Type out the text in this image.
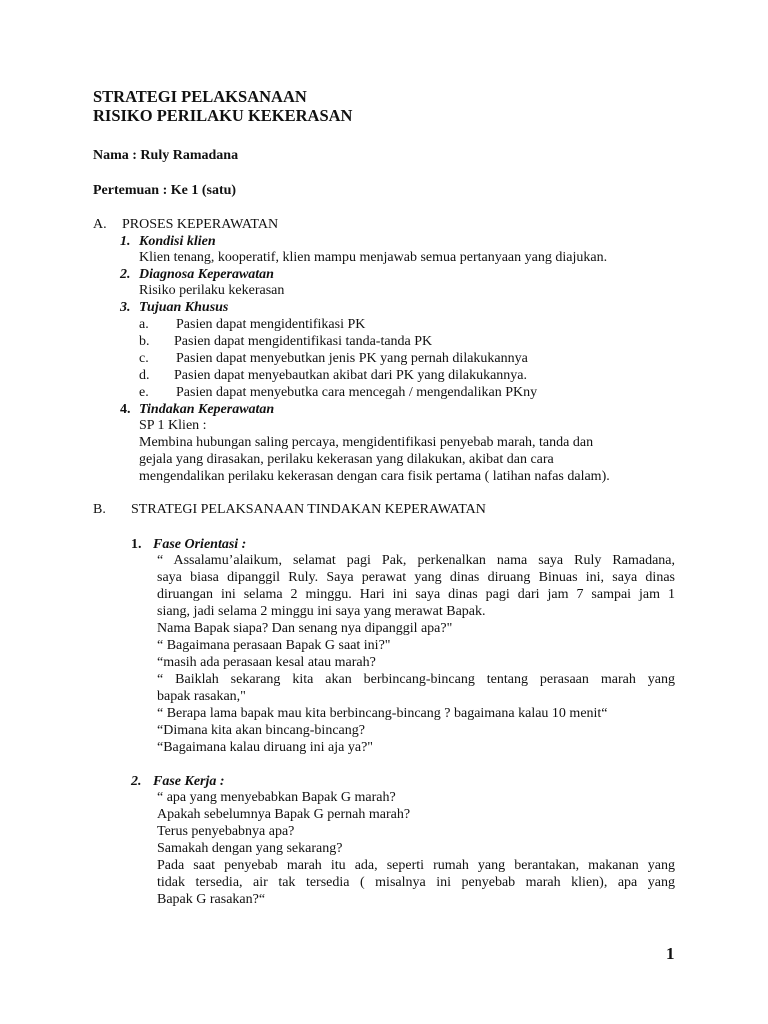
STRATEGI PELAKSANAAN
RISIKO PERILAKU KEKERASAN
Nama : Ruly Ramadana
Pertemuan : Ke 1 (satu)
A. PROSES KEPERAWATAN
1. Kondisi klien
Klien tenang, kooperatif, klien mampu menjawab semua pertanyaan yang diajukan.
2. Diagnosa Keperawatan
Risiko perilaku kekerasan
3. Tujuan Khusus
a. Pasien dapat mengidentifikasi PK
b. Pasien dapat mengidentifikasi tanda-tanda PK
c. Pasien dapat menyebutkan jenis PK yang pernah dilakukannya
d. Pasien dapat menyebautkan akibat dari PK yang dilakukannya.
e. Pasien dapat menyebutka cara mencegah / mengendalikan PKny
4. Tindakan Keperawatan
SP 1 Klien :
Membina hubungan saling percaya, mengidentifikasi penyebab marah, tanda dan
gejala yang dirasakan, perilaku kekerasan yang dilakukan, akibat dan cara
mengendalikan perilaku kekerasan dengan cara fisik pertama ( latihan nafas dalam).
B. STRATEGI PELAKSANAAN TINDAKAN KEPERAWATAN
1. Fase Orientasi :
“ Assalamu’alaikum, selamat pagi Pak, perkenalkan nama saya Ruly Ramadana,
saya biasa dipanggil Ruly. Saya perawat yang dinas diruang Binuas ini, saya dinas
diruangan ini selama 2 minggu. Hari ini saya dinas pagi dari jam 7 sampai jam 1
siang, jadi selama 2 minggu ini saya yang merawat Bapak.
Nama Bapak siapa? Dan senang nya dipanggil apa?"
“ Bagaimana perasaan Bapak G saat ini?"
“masih ada perasaan kesal atau marah?
“ Baiklah sekarang kita akan berbincang-bincang tentang perasaan marah yang
bapak rasakan,"
“ Berapa lama bapak mau kita berbincang-bincang ? bagaimana kalau 10 menit“
“Dimana kita akan bincang-bincang?
“Bagaimana kalau diruang ini aja ya?"
2. Fase Kerja :
“ apa yang menyebabkan Bapak G marah?
Apakah sebelumnya Bapak G pernah marah?
Terus penyebabnya apa?
Samakah dengan yang sekarang?
Pada saat penyebab marah itu ada, seperti rumah yang berantakan, makanan yang
tidak tersedia, air tak tersedia ( misalnya ini penyebab marah klien), apa yang
Bapak G rasakan?“
1
